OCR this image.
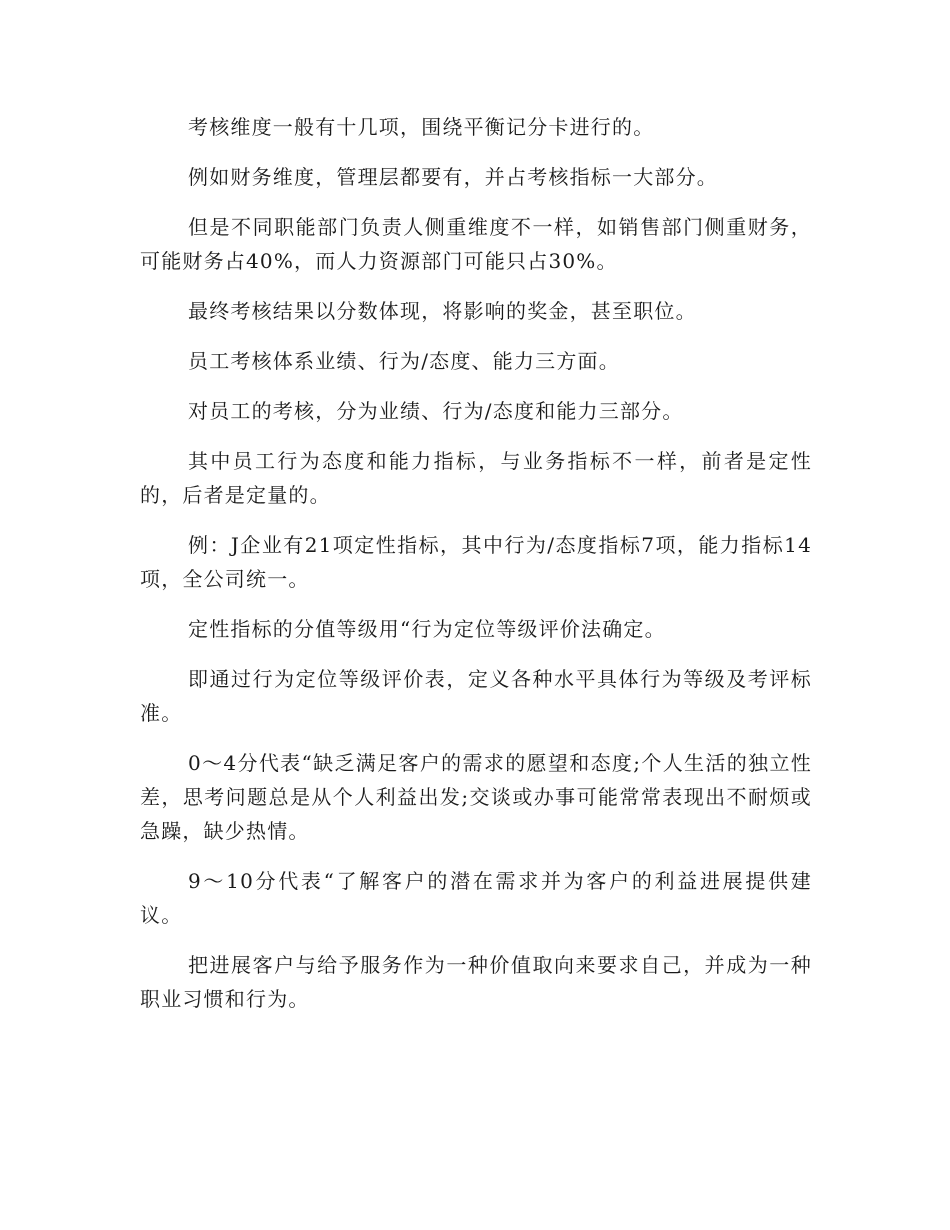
考核维度一般有十几项，围绕平衡记分卡进行的。

例如财务维度，管理层都要有，并占考核指标一大部分。

但是不同职能部门负责人侧重维度不一样，如销售部门侧重财务，可能财务占40%，而人力资源部门可能只占30%。

最终考核结果以分数体现，将影响的奖金，甚至职位。

员工考核体系业绩、行为/态度、能力三方面。

对员工的考核，分为业绩、行为/态度和能力三部分。

其中员工行为态度和能力指标，与业务指标不一样，前者是定性的，后者是定量的。

例：J企业有21项定性指标，其中行为/态度指标7项，能力指标14项，全公司统一。

定性指标的分值等级用“行为定位等级评价法确定。

即通过行为定位等级评价表，定义各种水平具体行为等级及考评标准。

0～4分代表“缺乏满足客户的需求的愿望和态度;个人生活的独立性差，思考问题总是从个人利益出发;交谈或办事可能常常表现出不耐烦或急躁，缺少热情。

9～10分代表“了解客户的潜在需求并为客户的利益进展提供建议。

把进展客户与给予服务作为一种价值取向来要求自己，并成为一种职业习惯和行为。
